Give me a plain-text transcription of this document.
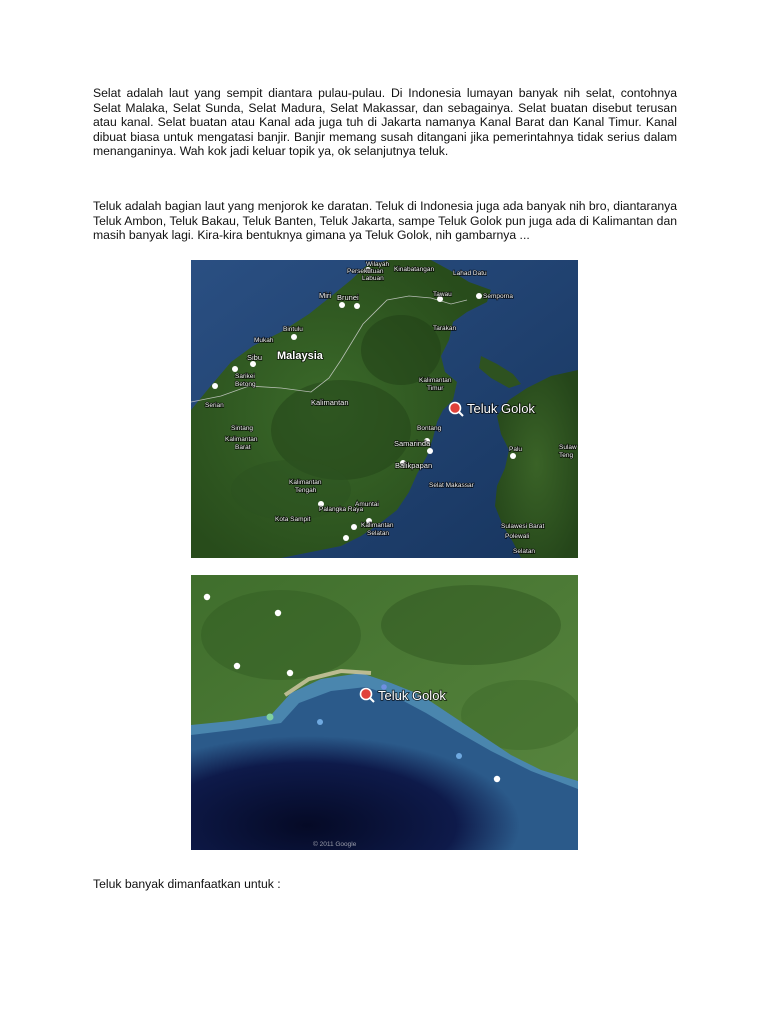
Selat adalah laut yang sempit diantara pulau-pulau. Di Indonesia lumayan banyak nih selat, contohnya Selat Malaka, Selat Sunda, Selat Madura, Selat Makassar, dan sebagainya. Selat buatan disebut terusan atau kanal. Selat buatan atau Kanal ada juga tuh di Jakarta namanya Kanal Barat dan Kanal Timur. Kanal dibuat biasa untuk mengatasi banjir. Banjir memang susah ditangani jika pemerintahnya tidak serius dalam menanganinya. Wah kok jadi keluar topik ya, ok selanjutnya teluk.

Teluk adalah bagian laut yang menjorok ke daratan. Teluk di Indonesia juga ada banyak nih bro, diantaranya Teluk Ambon, Teluk Bakau, Teluk Banten, Teluk Jakarta, sampe Teluk Golok pun juga ada di Kalimantan dan masih banyak lagi. Kira-kira bentuknya gimana ya Teluk Golok, nih gambarnya ...

Wilayah
Persekutuan
Labuan
Kinabatangan
Lahad Datu
Tawau	Semporna
Bintulu
Mukah
Tarakan
Sarikei
Betong
Serian
Kalimantan
Timur
Sintang	Bontang
Kalimantan
Barat	Palu	Sulaw
Teng
Selat Makassar
Kalimantan
Tengah
Palangka Raya
Amuntai
Kota Sampit
Kalimantan
Selatan
Sulawesi Barat
Polewali
Selatan
Miri Brunei
Sibu
Samarinda
Balikpapan
Kalimantan
Malaysia
Teluk Golok
Teluk Golok
© 2011 Google

Teluk banyak dimanfaatkan untuk :
